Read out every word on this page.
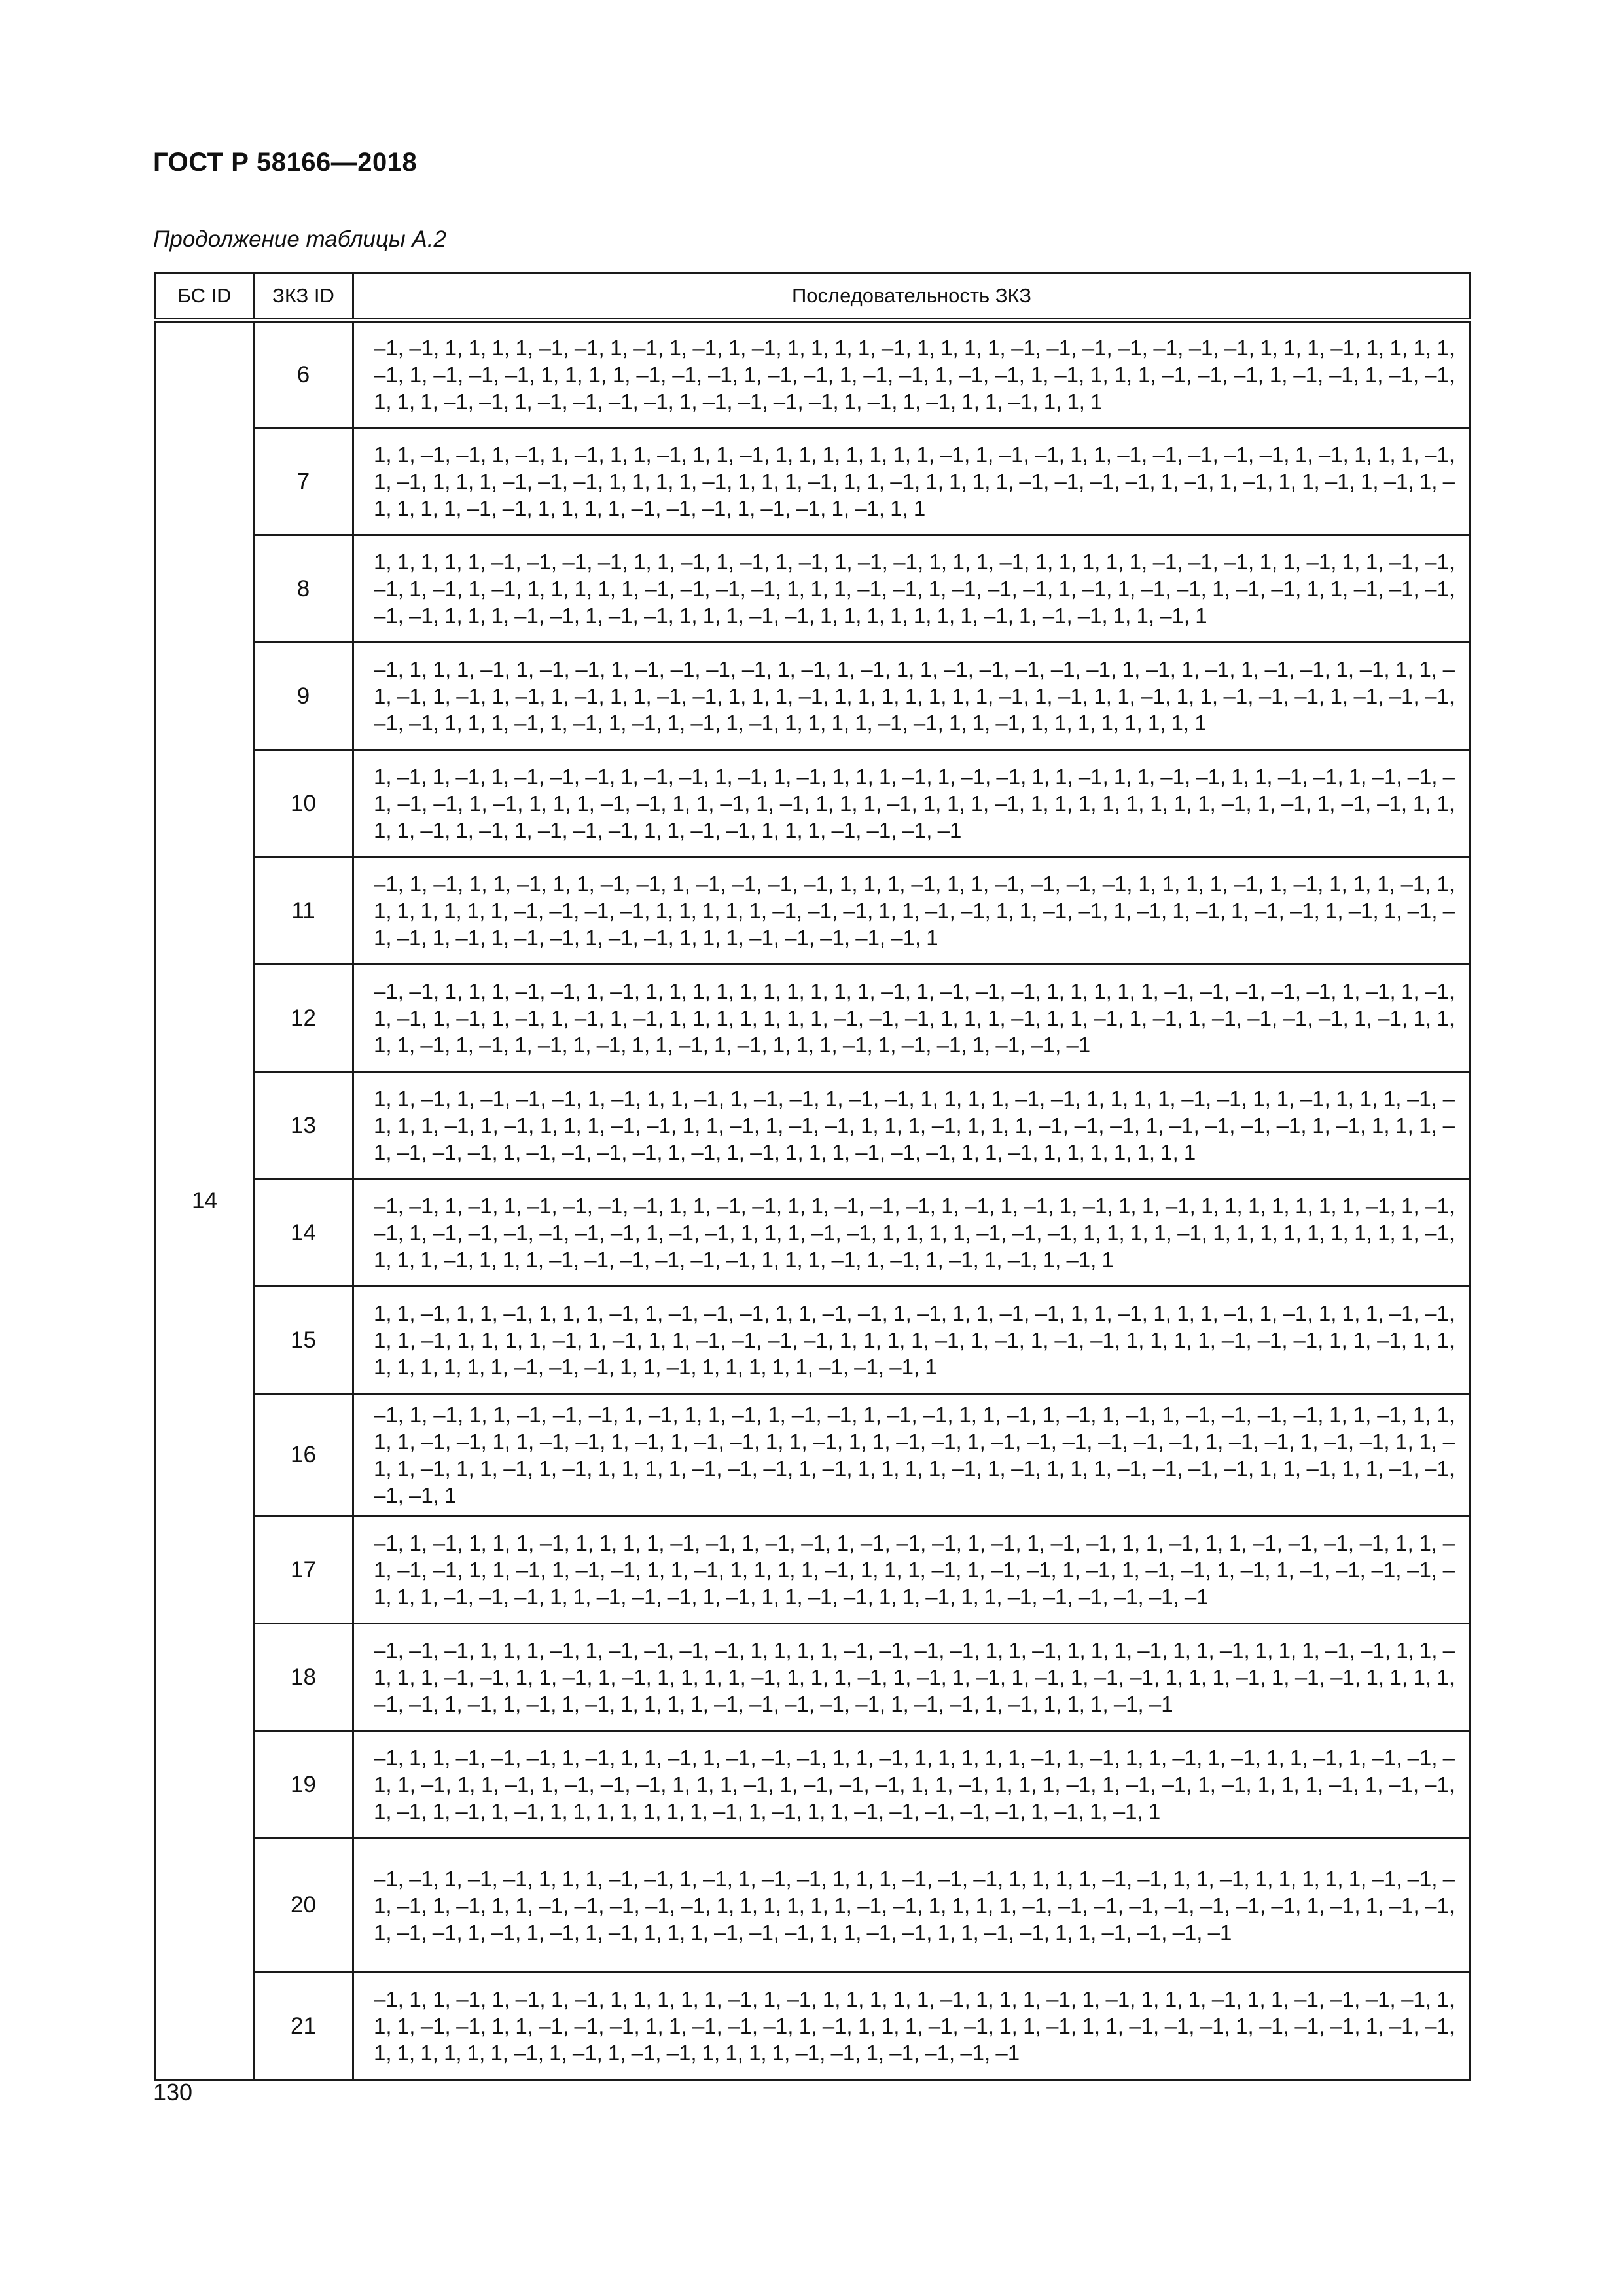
ГОСТ Р 58166—2018
Продолжение таблицы А.2
БС ID	ЗКЗ ID	Последовательность ЗКЗ
14	6	–1, –1, 1, 1, 1, 1, –1, –1, 1, –1, 1, –1, 1, –1, 1, 1, 1, 1, –1, 1, 1, 1, 1, –1, –1, –1, –1, –1, –1, –1, 1, 1, 1, –1, 1, 1, 1, 1, –1, 1, –1, –1, –1, 1, 1, 1, 1, –1, –1, –1, 1, –1, –1, 1, –1, –1, 1, –1, –1, 1, –1, 1, 1, 1, –1, –1, –1, 1, –1, –1, 1, –1, –1, 1, 1, 1, –1, –1, 1, –1, –1, –1, –1, 1, –1, –1, –1, –1, 1, –1, 1, –1, 1, 1, –1, 1, 1, 1
	7	1, 1, –1, –1, 1, –1, 1, –1, 1, 1, –1, 1, 1, –1, 1, 1, 1, 1, 1, 1, 1, –1, 1, –1, –1, 1, 1, –1, –1, –1, –1, –1, 1, –1, 1, 1, 1, –1, 1, –1, 1, 1, 1, –1, –1, –1, 1, 1, 1, 1, –1, 1, 1, 1, –1, 1, 1, –1, 1, 1, 1, 1, –1, –1, –1, –1, 1, –1, 1, –1, 1, 1, –1, 1, –1, 1, –1, 1, 1, 1, –1, –1, 1, 1, 1, 1, –1, –1, –1, 1, –1, –1, 1, –1, 1, 1
	8	1, 1, 1, 1, 1, –1, –1, –1, –1, 1, 1, –1, 1, –1, 1, –1, 1, –1, –1, 1, 1, 1, –1, 1, 1, 1, 1, 1, –1, –1, –1, 1, 1, –1, 1, 1, –1, –1, –1, 1, –1, 1, –1, 1, 1, 1, 1, 1, –1, –1, –1, –1, 1, 1, 1, –1, –1, 1, –1, –1, –1, 1, –1, 1, –1, –1, 1, –1, –1, 1, 1, –1, –1, –1, –1, –1, 1, 1, 1, –1, –1, 1, –1, –1, 1, 1, 1, –1, –1, 1, 1, 1, 1, 1, 1, 1, –1, 1, –1, –1, 1, 1, –1, 1
	9	–1, 1, 1, 1, –1, 1, –1, –1, 1, –1, –1, –1, –1, 1, –1, 1, –1, 1, 1, –1, –1, –1, –1, –1, 1, –1, 1, –1, 1, –1, –1, 1, –1, 1, 1, –1, –1, 1, –1, 1, –1, 1, –1, 1, 1, –1, –1, 1, 1, 1, –1, 1, 1, 1, 1, 1, 1, 1, –1, 1, –1, 1, 1, –1, 1, 1, –1, –1, –1, 1, –1, –1, –1, –1, –1, 1, 1, 1, –1, 1, –1, 1, –1, 1, –1, 1, –1, 1, 1, 1, 1, –1, –1, 1, 1, –1, 1, 1, 1, 1, 1, 1, 1, 1
	10	1, –1, 1, –1, 1, –1, –1, –1, 1, –1, –1, 1, –1, 1, –1, 1, 1, 1, –1, 1, –1, –1, 1, 1, –1, 1, 1, –1, –1, 1, 1, –1, –1, 1, –1, –1, –1, –1, –1, 1, –1, 1, 1, 1, –1, –1, 1, 1, –1, 1, –1, 1, 1, 1, –1, 1, 1, 1, –1, 1, 1, 1, 1, 1, 1, 1, 1, –1, 1, –1, 1, –1, –1, 1, 1, 1, 1, –1, 1, –1, 1, –1, –1, –1, 1, 1, –1, –1, 1, 1, 1, –1, –1, –1, –1
	11	–1, 1, –1, 1, 1, –1, 1, 1, –1, –1, 1, –1, –1, –1, –1, 1, 1, 1, –1, 1, 1, –1, –1, –1, –1, 1, 1, 1, 1, –1, 1, –1, 1, 1, 1, –1, 1, 1, 1, 1, 1, 1, 1, –1, –1, –1, –1, 1, 1, 1, 1, 1, –1, –1, –1, 1, 1, –1, –1, 1, 1, –1, –1, 1, –1, 1, –1, 1, –1, –1, 1, –1, 1, –1, –1, –1, 1, –1, 1, –1, –1, 1, –1, –1, 1, 1, 1, –1, –1, –1, –1, –1, 1
	12	–1, –1, 1, 1, 1, –1, –1, 1, –1, 1, 1, 1, 1, 1, 1, 1, 1, 1, 1, –1, 1, –1, –1, –1, 1, 1, 1, 1, 1, –1, –1, –1, –1, –1, 1, –1, 1, –1, 1, –1, 1, –1, 1, –1, 1, –1, 1, –1, 1, 1, 1, 1, 1, 1, 1, –1, –1, –1, 1, 1, 1, –1, 1, 1, –1, 1, –1, 1, –1, –1, –1, –1, 1, –1, 1, 1, 1, 1, –1, 1, –1, 1, –1, 1, –1, 1, 1, –1, 1, –1, 1, 1, 1, –1, 1, –1, –1, 1, –1, –1, –1
	13	1, 1, –1, 1, –1, –1, –1, 1, –1, 1, 1, –1, 1, –1, –1, 1, –1, –1, 1, 1, 1, 1, –1, –1, 1, 1, 1, 1, –1, –1, 1, 1, –1, 1, 1, 1, –1, –1, 1, 1, –1, 1, –1, 1, 1, 1, –1, –1, 1, 1, –1, 1, –1, –1, 1, 1, 1, –1, 1, 1, 1, –1, –1, –1, 1, –1, –1, –1, –1, 1, –1, 1, 1, 1, –1, –1, –1, –1, 1, –1, –1, –1, –1, 1, –1, 1, –1, 1, 1, 1, –1, –1, –1, 1, 1, –1, 1, 1, 1, 1, 1, 1, 1
	14	–1, –1, 1, –1, 1, –1, –1, –1, –1, 1, 1, –1, –1, 1, 1, –1, –1, –1, 1, –1, 1, –1, 1, –1, 1, 1, –1, 1, 1, 1, 1, 1, 1, 1, –1, 1, –1, –1, 1, –1, –1, –1, –1, –1, –1, 1, –1, –1, 1, 1, 1, –1, –1, 1, 1, 1, 1, –1, –1, –1, 1, 1, 1, 1, –1, 1, 1, 1, 1, 1, 1, 1, 1, 1, –1, 1, 1, 1, –1, 1, 1, 1, –1, –1, –1, –1, –1, –1, 1, 1, 1, –1, 1, –1, 1, –1, 1, –1, 1, –1, 1
	15	1, 1, –1, 1, 1, –1, 1, 1, 1, –1, 1, –1, –1, –1, 1, 1, –1, –1, 1, –1, 1, 1, –1, –1, 1, 1, –1, 1, 1, 1, –1, 1, –1, 1, 1, 1, –1, –1, 1, 1, –1, 1, 1, 1, 1, –1, 1, –1, 1, 1, –1, –1, –1, –1, 1, 1, 1, 1, –1, 1, –1, 1, –1, –1, 1, 1, 1, 1, –1, –1, –1, 1, 1, –1, 1, 1, 1, 1, 1, 1, 1, 1, –1, –1, –1, 1, 1, –1, 1, 1, 1, 1, 1, –1, –1, –1, 1
	16	–1, 1, –1, 1, 1, –1, –1, –1, 1, –1, 1, 1, –1, 1, –1, –1, 1, –1, –1, 1, 1, –1, 1, –1, 1, –1, 1, –1, –1, –1, –1, 1, 1, –1, 1, 1, 1, 1, –1, –1, 1, 1, –1, –1, 1, –1, 1, –1, –1, 1, 1, –1, 1, 1, –1, –1, 1, –1, –1, –1, –1, –1, –1, 1, –1, –1, 1, –1, –1, 1, 1, –1, 1, –1, 1, 1, –1, 1, –1, 1, 1, 1, 1, –1, –1, –1, 1, –1, 1, 1, 1, 1, –1, 1, –1, 1, 1, 1, –1, –1, –1, –1, 1, 1, –1, 1, 1, –1, –1, –1, –1, 1
	17	–1, 1, –1, 1, 1, 1, –1, 1, 1, 1, 1, –1, –1, 1, –1, –1, 1, –1, –1, –1, 1, –1, 1, –1, –1, 1, 1, –1, 1, 1, –1, –1, –1, –1, 1, 1, –1, –1, –1, 1, 1, –1, 1, –1, –1, 1, 1, –1, 1, 1, 1, 1, –1, 1, 1, 1, –1, 1, –1, –1, 1, –1, 1, –1, –1, 1, –1, 1, –1, –1, –1, –1, –1, 1, 1, –1, –1, –1, 1, 1, –1, –1, –1, 1, –1, 1, 1, –1, –1, 1, 1, –1, 1, 1, –1, –1, –1, –1, –1, –1
	18	–1, –1, –1, 1, 1, 1, –1, 1, –1, –1, –1, –1, 1, 1, 1, 1, –1, –1, –1, –1, 1, 1, –1, 1, 1, 1, –1, 1, 1, –1, 1, 1, 1, –1, –1, 1, 1, –1, 1, 1, –1, –1, 1, 1, –1, 1, –1, 1, 1, 1, 1, –1, 1, 1, 1, –1, 1, –1, 1, –1, 1, –1, 1, –1, –1, 1, 1, 1, –1, 1, –1, –1, 1, 1, 1, 1, –1, –1, 1, –1, 1, –1, 1, –1, 1, 1, 1, 1, –1, –1, –1, –1, –1, 1, –1, –1, 1, –1, 1, 1, 1, –1, –1
	19	–1, 1, 1, –1, –1, –1, 1, –1, 1, 1, –1, 1, –1, –1, –1, 1, 1, –1, 1, 1, 1, 1, 1, –1, 1, –1, 1, 1, –1, 1, –1, 1, 1, –1, 1, –1, –1, –1, 1, –1, 1, 1, –1, 1, –1, –1, –1, 1, 1, 1, –1, 1, –1, –1, –1, 1, 1, –1, 1, 1, 1, –1, 1, –1, –1, 1, –1, 1, 1, 1, –1, 1, –1, –1, 1, –1, 1, –1, 1, –1, 1, 1, 1, 1, 1, 1, 1, –1, 1, –1, 1, 1, –1, –1, –1, –1, –1, 1, –1, 1, –1, 1
	20	–1, –1, 1, –1, –1, 1, 1, 1, –1, –1, 1, –1, 1, –1, –1, 1, 1, 1, –1, –1, –1, 1, 1, 1, 1, –1, –1, 1, 1, –1, 1, 1, 1, 1, 1, –1, –1, –1, –1, 1, –1, 1, 1, –1, –1, –1, –1, –1, 1, 1, 1, 1, 1, 1, –1, –1, 1, 1, 1, 1, –1, –1, –1, –1, –1, –1, –1, –1, 1, –1, 1, –1, –1, 1, –1, –1, 1, –1, 1, –1, 1, –1, 1, 1, 1, –1, –1, –1, 1, 1, –1, –1, 1, 1, –1, –1, 1, 1, –1, –1, –1, –1
	21	–1, 1, 1, –1, 1, –1, 1, –1, 1, 1, 1, 1, 1, –1, 1, –1, 1, 1, 1, 1, 1, –1, 1, 1, 1, –1, 1, –1, 1, 1, 1, –1, 1, 1, –1, –1, –1, –1, 1, 1, 1, –1, –1, 1, 1, –1, –1, –1, 1, 1, –1, –1, –1, 1, –1, 1, 1, 1, –1, –1, 1, 1, –1, 1, 1, –1, –1, –1, 1, –1, –1, –1, 1, –1, –1, 1, 1, 1, 1, 1, 1, –1, 1, –1, 1, –1, –1, 1, 1, 1, 1, –1, –1, 1, –1, –1, –1, –1
130
